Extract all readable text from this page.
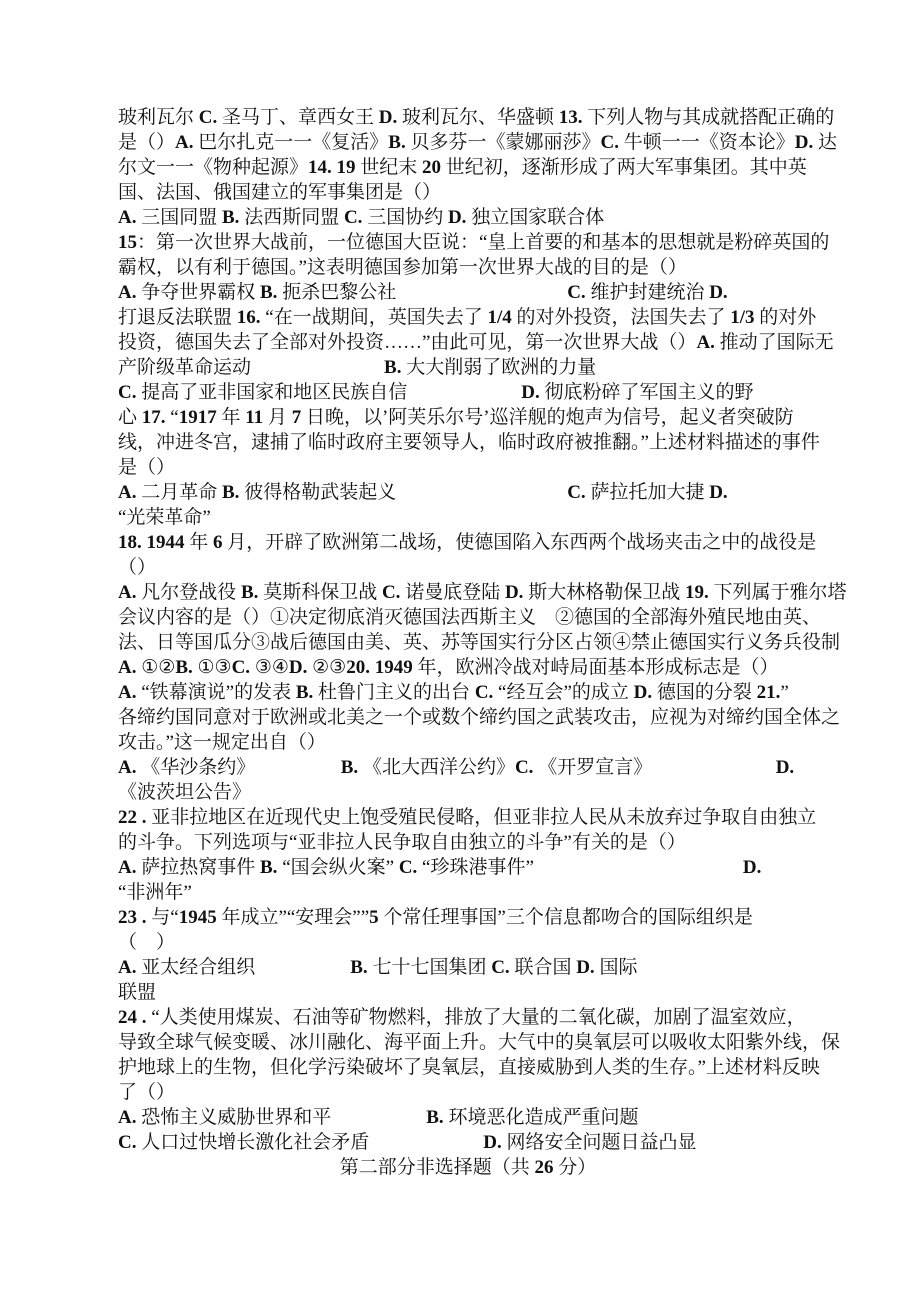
玻利瓦尔 C. 圣马丁、章西女王 D. 玻利瓦尔、华盛顿 13. 下列人物与其成就搭配正确的
是（）A. 巴尔扎克一一《复活》B. 贝多芬一《蒙娜丽莎》C. 牛顿一一《资本论》D. 达
尔文一一《物种起源》14. 19 世纪末 20 世纪初，逐渐形成了两大军事集团。其中英
国、法国、俄国建立的军事集团是（）
A. 三国同盟 B. 法西斯同盟 C. 三国协约 D. 独立国家联合体
15：第一次世界大战前，一位德国大臣说：“皇上首要的和基本的思想就是粉碎英国的
霸权，以有利于德国。”这表明德国参加第一次世界大战的目的是（）
A. 争夺世界霸权 B. 扼杀巴黎公社　　　　　　　　　C. 维护封建统治 D.
打退反法联盟 16. “在一战期间，英国失去了 1/4 的对外投资，法国失去了 1/3 的对外
投资，德国失去了全部对外投资……”由此可见，第一次世界大战（）A. 推动了国际无
产阶级革命运动　　　　　　　B. 大大削弱了欧洲的力量
C. 提高了亚非国家和地区民族自信　　　　　　D. 彻底粉碎了军国主义的野
心 17. “1917 年 11 月 7 日晚，以’阿芙乐尔号’巡洋舰的炮声为信号，起义者突破防
线，冲进冬宫，逮捕了临时政府主要领导人，临时政府被推翻。”上述材料描述的事件
是（）
A. 二月革命 B. 彼得格勒武装起义　　　　　　　　　C. 萨拉托加大捷 D.
“光荣革命”
18. 1944 年 6 月，开辟了欧洲第二战场，使德国陷入东西两个战场夹击之中的战役是
（）
A. 凡尔登战役 B. 莫斯科保卫战 C. 诺曼底登陆 D. 斯大林格勒保卫战 19. 下列属于雅尔塔
会议内容的是（）①决定彻底消灭德国法西斯主义　②德国的全部海外殖民地由英、
法、日等国瓜分③战后德国由美、英、苏等国实行分区占领④禁止德国实行义务兵役制
A. ①②B. ①③C. ③④D. ②③20. 1949 年，欧洲冷战对峙局面基本形成标志是（）
A. “铁幕演说”的发表 B. 杜鲁门主义的出台 C. “经互会”的成立 D. 德国的分裂 21.”
各缔约国同意对于欧洲或北美之一个或数个缔约国之武装攻击，应视为对缔约国全体之
攻击。”这一规定出自（）
A. 《华沙条约》　　　　　B. 《北大西洋公约》C. 《开罗宣言》　　　　　　　D.
《波茨坦公告》
22 . 亚非拉地区在近现代史上饱受殖民侵略，但亚非拉人民从未放弃过争取自由独立
的斗争。下列选项与“亚非拉人民争取自由独立的斗争”有关的是（）
A. 萨拉热窝事件 B. “国会纵火案” C. “珍珠港事件”　　　　　　　　　　　D.
“非洲年”
23 . 与“1945 年成立”“安理会””5 个常任理事国”三个信息都吻合的国际组织是
（　）
A. 亚太经合组织　　　　　B. 七十七国集团 C. 联合国 D. 国际
联盟
24 . “人类使用煤炭、石油等矿物燃料，排放了大量的二氧化碳，加剧了温室效应，
导致全球气候变暖、冰川融化、海平面上升。大气中的臭氧层可以吸收太阳紫外线，保
护地球上的生物，但化学污染破坏了臭氧层，直接威胁到人类的生存。”上述材料反映
了（）
A. 恐怖主义威胁世界和平　　　　　B. 环境恶化造成严重问题
C. 人口过快增长激化社会矛盾　　　　　　D. 网络安全问题日益凸显
第二部分非选择题（共 26 分）
